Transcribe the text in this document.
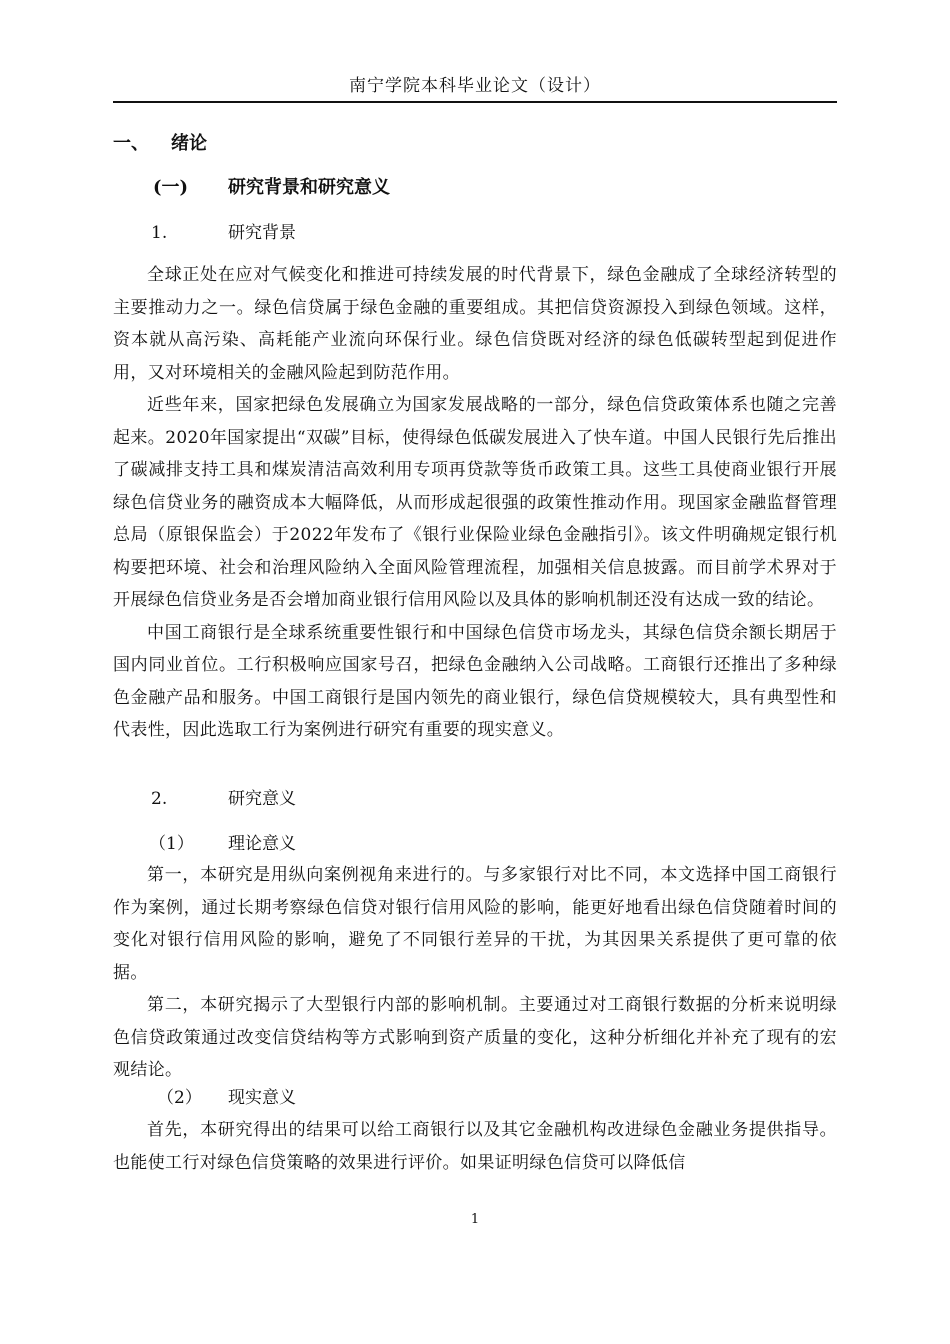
南宁学院本科毕业论文（设计）
一、 绪论
(一) 研究背景和研究意义
1.	研究背景

全球正处在应对气候变化和推进可持续发展的时代背景下，绿色金融成了全球经济转型的主要推动力之一。绿色信贷属于绿色金融的重要组成。其把信贷资源投入到绿色领域。这样，资本就从高污染、高耗能产业流向环保行业。绿色信贷既对经济的绿色低碳转型起到促进作用，又对环境相关的金融风险起到防范作用。

近些年来，国家把绿色发展确立为国家发展战略的一部分，绿色信贷政策体系也随之完善起来。2020年国家提出“双碳”目标，使得绿色低碳发展进入了快车道。中国人民银行先后推出了碳减排支持工具和煤炭清洁高效利用专项再贷款等货币政策工具。这些工具使商业银行开展绿色信贷业务的融资成本大幅降低，从而形成起很强的政策性推动作用。现国家金融监督管理总局（原银保监会）于2022年发布了《银行业保险业绿色金融指引》。该文件明确规定银行机构要把环境、社会和治理风险纳入全面风险管理流程，加强相关信息披露。而目前学术界对于开展绿色信贷业务是否会增加商业银行信用风险以及具体的影响机制还没有达成一致的结论。

中国工商银行是全球系统重要性银行和中国绿色信贷市场龙头，其绿色信贷余额长期居于国内同业首位。工行积极响应国家号召，把绿色金融纳入公司战略。工商银行还推出了多种绿色金融产品和服务。中国工商银行是国内领先的商业银行，绿色信贷规模较大，具有典型性和代表性，因此选取工行为案例进行研究有重要的现实意义。

2.	研究意义
（1） 理论意义

第一，本研究是用纵向案例视角来进行的。与多家银行对比不同，本文选择中国工商银行作为案例，通过长期考察绿色信贷对银行信用风险的影响，能更好地看出绿色信贷随着时间的变化对银行信用风险的影响，避免了不同银行差异的干扰，为其因果关系提供了更可靠的依据。

第二，本研究揭示了大型银行内部的影响机制。主要通过对工商银行数据的分析来说明绿色信贷政策通过改变信贷结构等方式影响到资产质量的变化，这种分析细化并补充了现有的宏观结论。

（2） 现实意义

首先，本研究得出的结果可以给工商银行以及其它金融机构改进绿色金融业务提供指导。也能使工行对绿色信贷策略的效果进行评价。如果证明绿色信贷可以降低信

1
